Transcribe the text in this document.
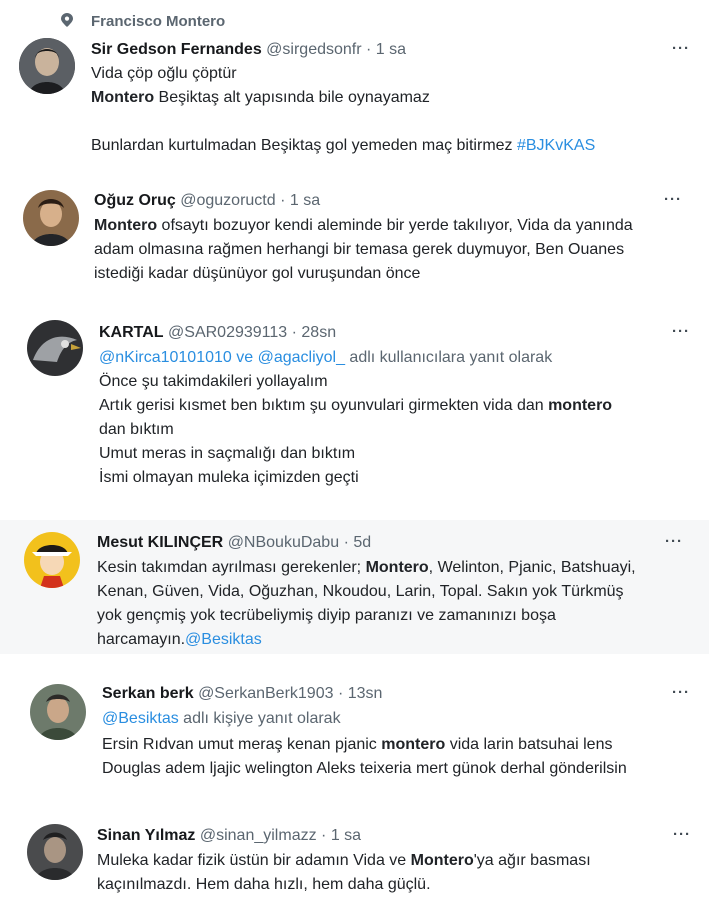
Francisco Montero
Sir Gedson Fernandes @sirgedsonfr · 1 sa	···
Vida çöp oğlu çöptür
Montero Beşiktaş alt yapısında bile oynayamaz
Bunlardan kurtulmadan Beşiktaş gol yemeden maç bitirmez #BJKvKAS
Oğuz Oruç @oguzoructd · 1 sa	···
Montero ofsaytı bozuyor kendi aleminde bir yerde takılıyor, Vida da yanında
adam olmasına rağmen herhangi bir temasa gerek duymuyor, Ben Ouanes
istediği kadar düşünüyor gol vuruşundan önce
KARTAL @SAR02939113 · 28sn	···
@nKirca10101010 ve @agacliyol_ adlı kullanıcılara yanıt olarak
Önce şu takimdakileri yollayalım
Artık gerisi kısmet ben bıktım şu oyunvulari girmekten vida dan montero
dan bıktım
Umut meras in saçmalığı dan bıktım
İsmi olmayan muleka içimizden geçti
Mesut KILINÇER @NBoukuDabu · 5d	···
Kesin takımdan ayrılması gerekenler; Montero, Welinton, Pjanic, Batshuayi,
Kenan, Güven, Vida, Oğuzhan, Nkoudou, Larin, Topal. Sakın yok Türkmüş
yok gençmiş yok tecrübeliymiş diyip paranızı ve zamanınızı boşa
harcamayın.@Besiktas
Serkan berk @SerkanBerk1903 · 13sn	···
@Besiktas adlı kişiye yanıt olarak
Ersin Rıdvan umut meraş kenan pjanic montero vida larin batsuhai lens
Douglas adem ljajic welington Aleks teixeria mert günok derhal gönderilsin
Sinan Yılmaz @sinan_yilmazz · 1 sa	···
Muleka kadar fizik üstün bir adamın Vida ve Montero'ya ağır basması
kaçınılmazdı. Hem daha hızlı, hem daha güçlü.
